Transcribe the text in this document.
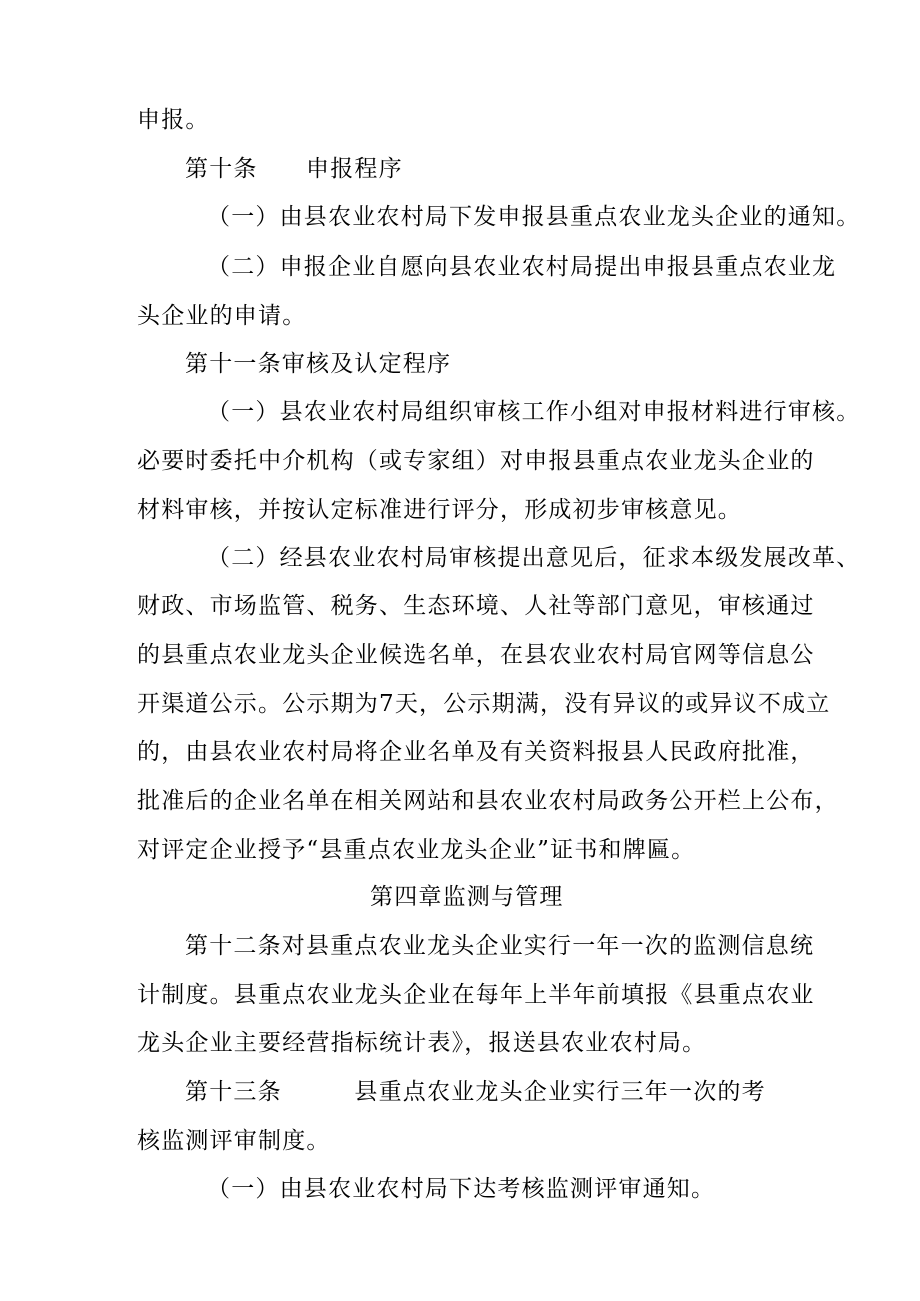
申报。
第十条　　申报程序
（一）由县农业农村局下发申报县重点农业龙头企业的通知。
（二）申报企业自愿向县农业农村局提出申报县重点农业龙
头企业的申请。
第十一条审核及认定程序
（一）县农业农村局组织审核工作小组对申报材料进行审核。
必要时委托中介机构（或专家组）对申报县重点农业龙头企业的
材料审核，并按认定标准进行评分，形成初步审核意见。
（二）经县农业农村局审核提出意见后，征求本级发展改革、
财政、市场监管、税务、生态环境、人社等部门意见，审核通过
的县重点农业龙头企业候选名单，在县农业农村局官网等信息公
开渠道公示。公示期为7天，公示期满，没有异议的或异议不成立
的，由县农业农村局将企业名单及有关资料报县人民政府批准，
批准后的企业名单在相关网站和县农业农村局政务公开栏上公布，
对评定企业授予“县重点农业龙头企业”证书和牌匾。
第四章监测与管理
第十二条对县重点农业龙头企业实行一年一次的监测信息统
计制度。县重点农业龙头企业在每年上半年前填报《县重点农业
龙头企业主要经营指标统计表》，报送县农业农村局。
第十三条　　　县重点农业龙头企业实行三年一次的考
核监测评审制度。
（一）由县农业农村局下达考核监测评审通知。
